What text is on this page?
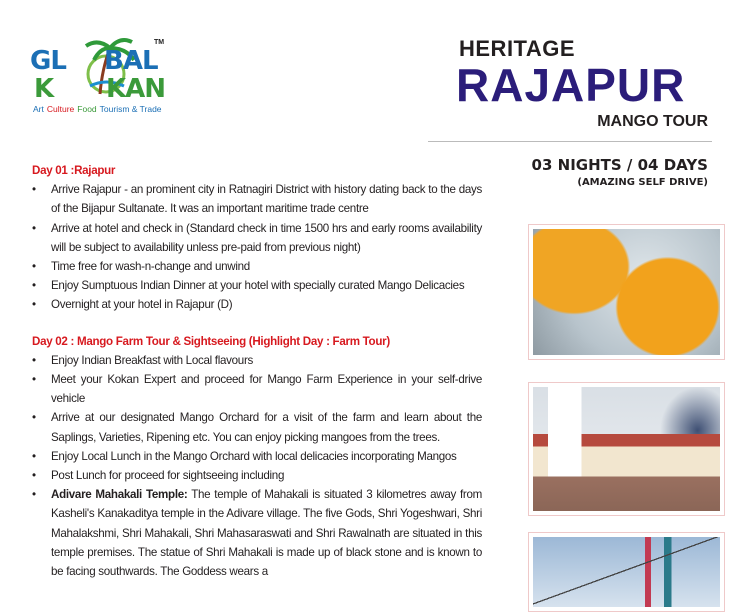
GL BAL
K KAN
TM
Art Culture Food Tourism & Trade
HERITAGE
RAJAPUR
MANGO TOUR
03 NIGHTS / 04 DAYS
(AMAZING SELF DRIVE)
Day 01 :Rajapur
• Arrive Rajapur - an prominent city in Ratnagiri District with history dating back to the days of the Bijapur Sultanate. It was an important maritime trade centre
• Arrive at hotel and check in (Standard check in time 1500 hrs and early rooms availability will be subject to availability unless pre-paid from previous night)
• Time free for wash-n-change and unwind
• Enjoy Sumptuous Indian Dinner at your hotel with specially curated Mango Delicacies
• Overnight at your hotel in Rajapur (D)
Day 02 : Mango Farm Tour & Sightseeing (Highlight Day : Farm Tour)
• Enjoy Indian Breakfast with Local flavours
• Meet your Kokan Expert and proceed for Mango Farm Experience in your self-drive vehicle
• Arrive at our designated Mango Orchard for a visit of the farm and learn about the Saplings, Varieties, Ripening etc. You can enjoy picking mangoes from the trees.
• Enjoy Local Lunch in the Mango Orchard with local delicacies incorporating Mangos
• Post Lunch for proceed for sightseeing including
• Adivare Mahakali Temple: The temple of Mahakali is situated 3 kilometres away from Kasheli's Kanakaditya temple in the Adivare village. The five Gods, Shri Yogeshwari, Shri Mahalakshmi, Shri Mahakali, Shri Mahasaraswati and Shri Rawalnath are situated in this temple premises. The statue of Shri Mahakali is made up of black stone and is known to be facing southwards. The Goddess wears a
